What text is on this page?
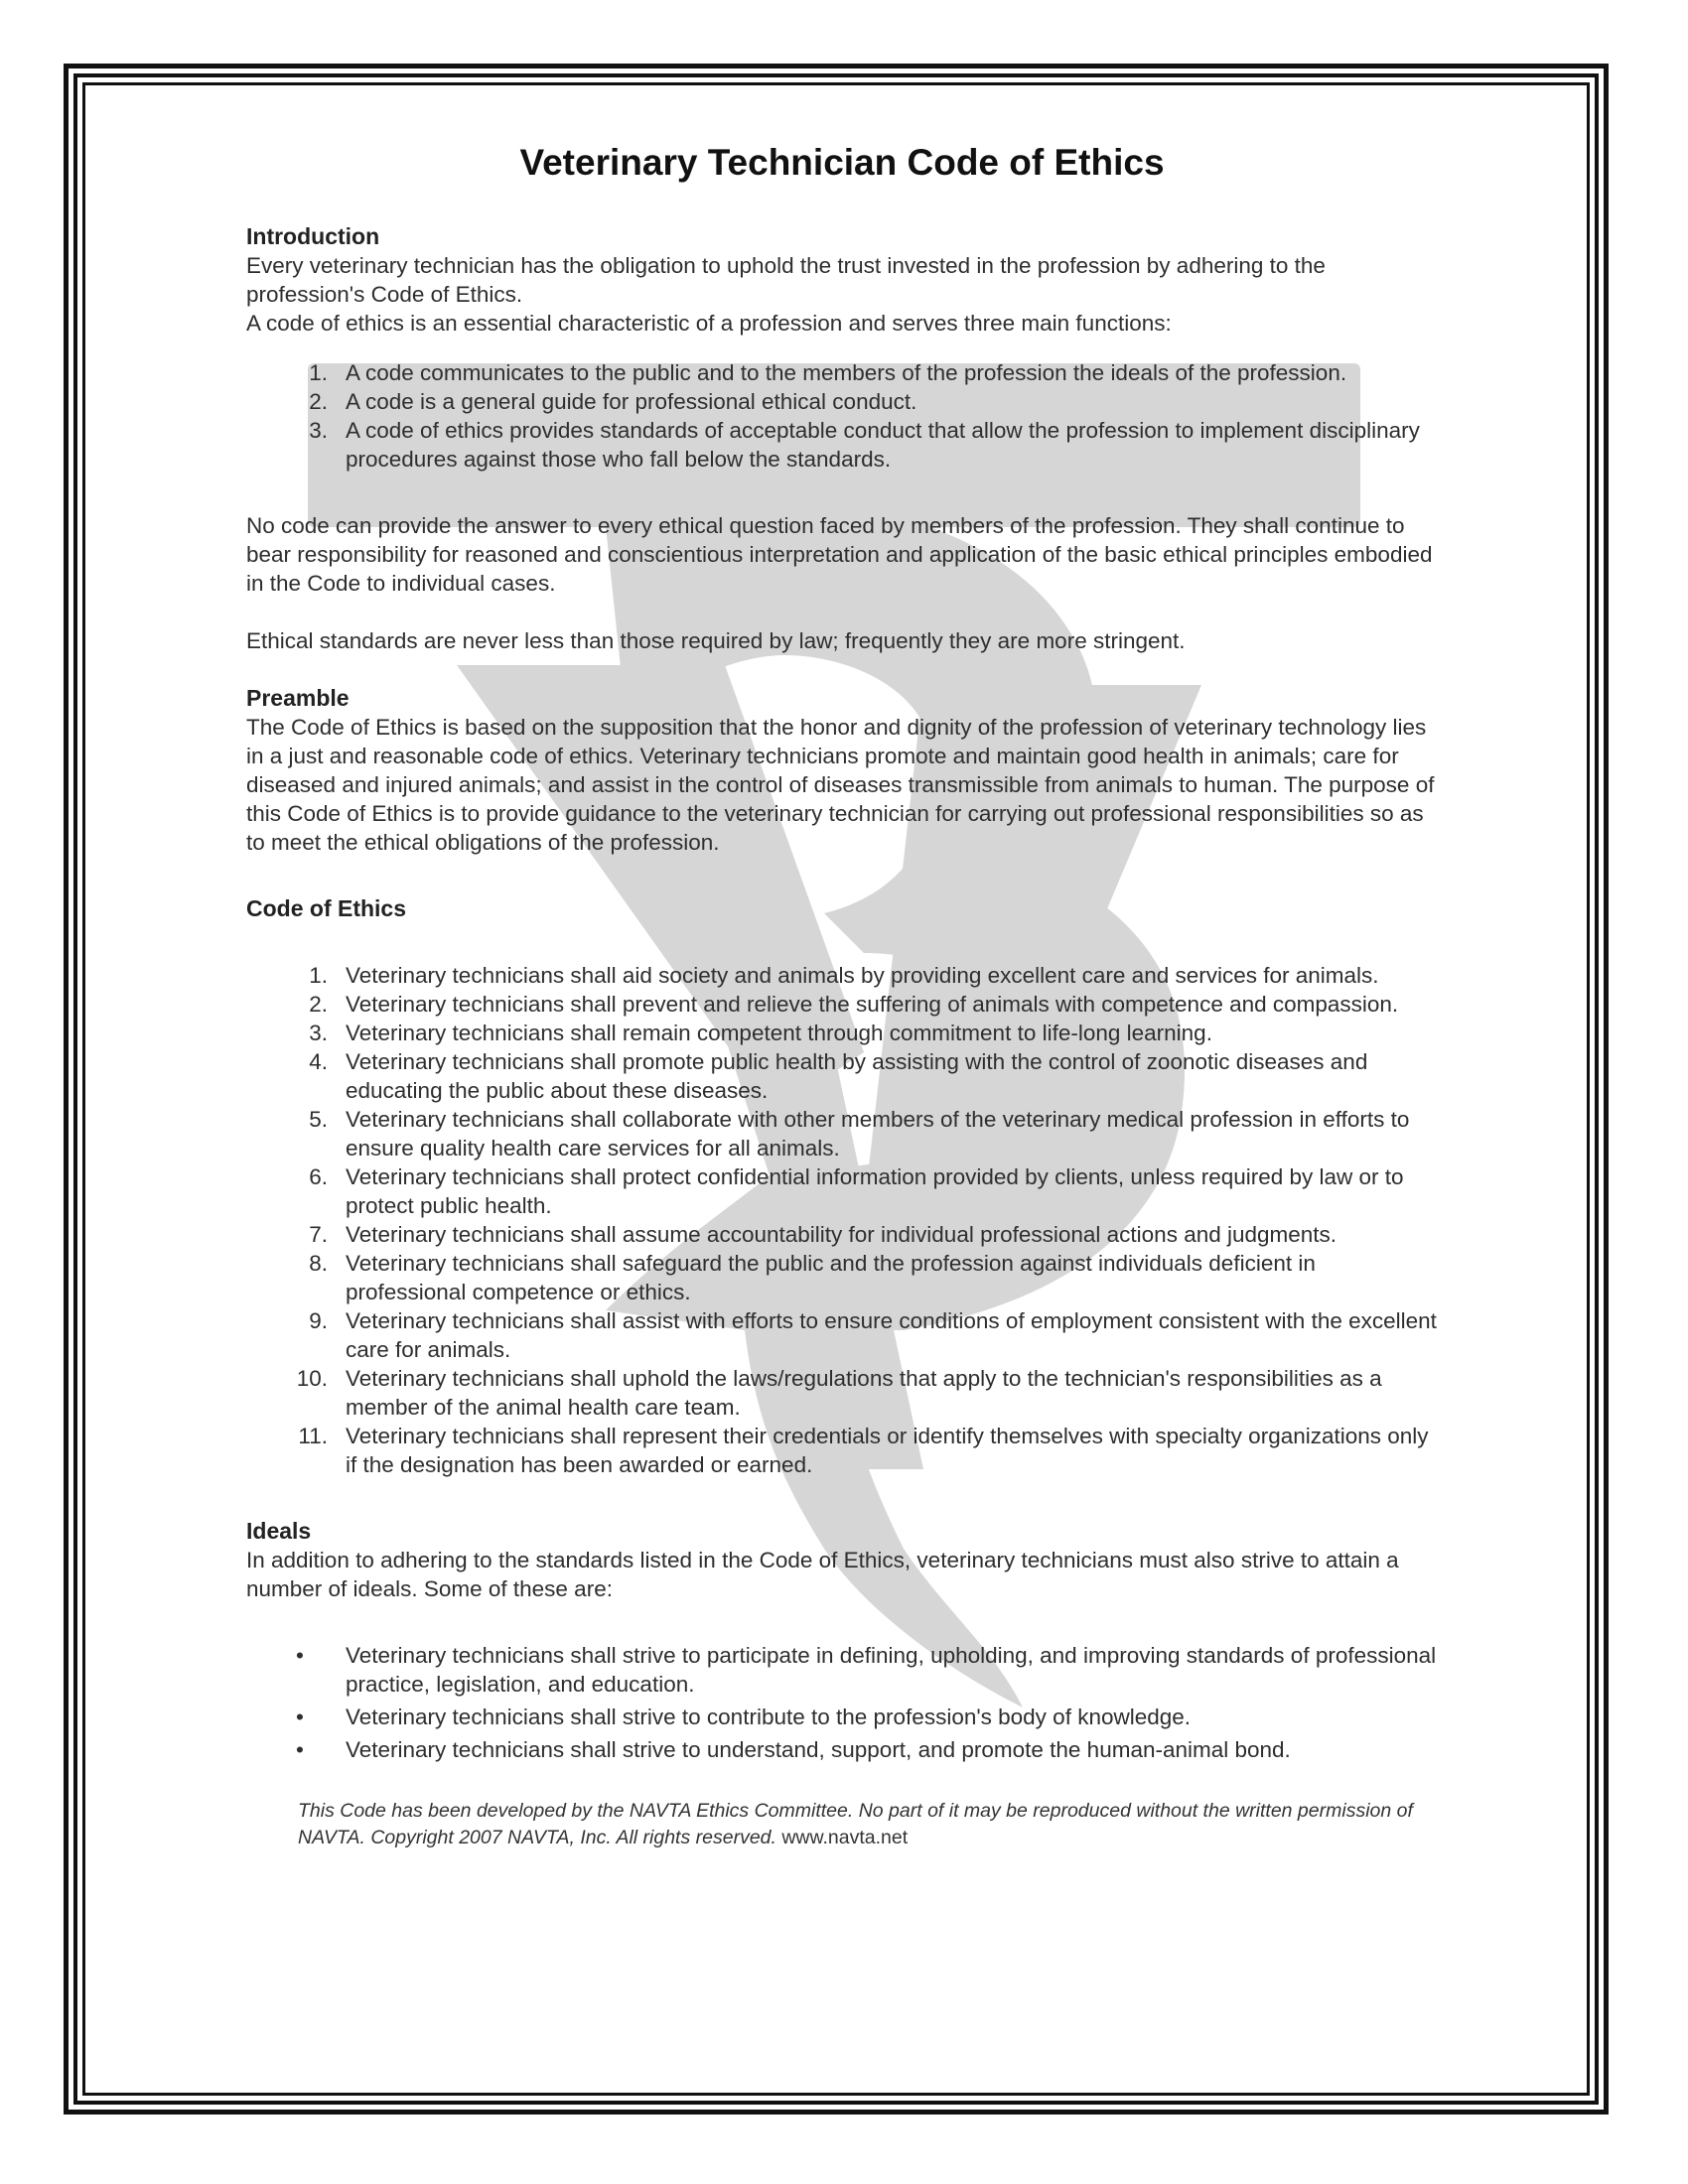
Veterinary Technician Code of Ethics
Introduction

Every veterinary technician has the obligation to uphold the trust invested in the profession by adhering to the profession's Code of Ethics.

A code of ethics is an essential characteristic of a profession and serves three main functions:

1. A code communicates to the public and to the members of the profession the ideals of the profession.
2. A code is a general guide for professional ethical conduct.
3. A code of ethics provides standards of acceptable conduct that allow the profession to implement disciplinary procedures against those who fall below the standards.

No code can provide the answer to every ethical question faced by members of the profession. They shall continue to bear responsibility for reasoned and conscientious interpretation and application of the basic ethical principles embodied in the Code to individual cases.

Ethical standards are never less than those required by law; frequently they are more stringent.

Preamble

The Code of Ethics is based on the supposition that the honor and dignity of the profession of veterinary technology lies in a just and reasonable code of ethics. Veterinary technicians promote and maintain good health in animals; care for diseased and injured animals; and assist in the control of diseases transmissible from animals to human. The purpose of this Code of Ethics is to provide guidance to the veterinary technician for carrying out professional responsibilities so as to meet the ethical obligations of the profession.

Code of Ethics
1. Veterinary technicians shall aid society and animals by providing excellent care and services for animals.
2. Veterinary technicians shall prevent and relieve the suffering of animals with competence and compassion.
3. Veterinary technicians shall remain competent through commitment to life-long learning.
4. Veterinary technicians shall promote public health by assisting with the control of zoonotic diseases and educating the public about these diseases.
5. Veterinary technicians shall collaborate with other members of the veterinary medical profession in efforts to ensure quality health care services for all animals.
6. Veterinary technicians shall protect confidential information provided by clients, unless required by law or to protect public health.
7. Veterinary technicians shall assume accountability for individual professional actions and judgments.
8. Veterinary technicians shall safeguard the public and the profession against individuals deficient in professional competence or ethics.
9. Veterinary technicians shall assist with efforts to ensure conditions of employment consistent with the excellent care for animals.
10. Veterinary technicians shall uphold the laws/regulations that apply to the technician's responsibilities as a member of the animal health care team.
11. Veterinary technicians shall represent their credentials or identify themselves with specialty organizations only if the designation has been awarded or earned.
Ideals

In addition to adhering to the standards listed in the Code of Ethics, veterinary technicians must also strive to attain a number of ideals. Some of these are:

• Veterinary technicians shall strive to participate in defining, upholding, and improving standards of professional practice, legislation, and education.
• Veterinary technicians shall strive to contribute to the profession's body of knowledge.
• Veterinary technicians shall strive to understand, support, and promote the human-animal bond.

This Code has been developed by the NAVTA Ethics Committee. No part of it may be reproduced without the written permission of NAVTA. Copyright 2007 NAVTA, Inc. All rights reserved. www.navta.net
